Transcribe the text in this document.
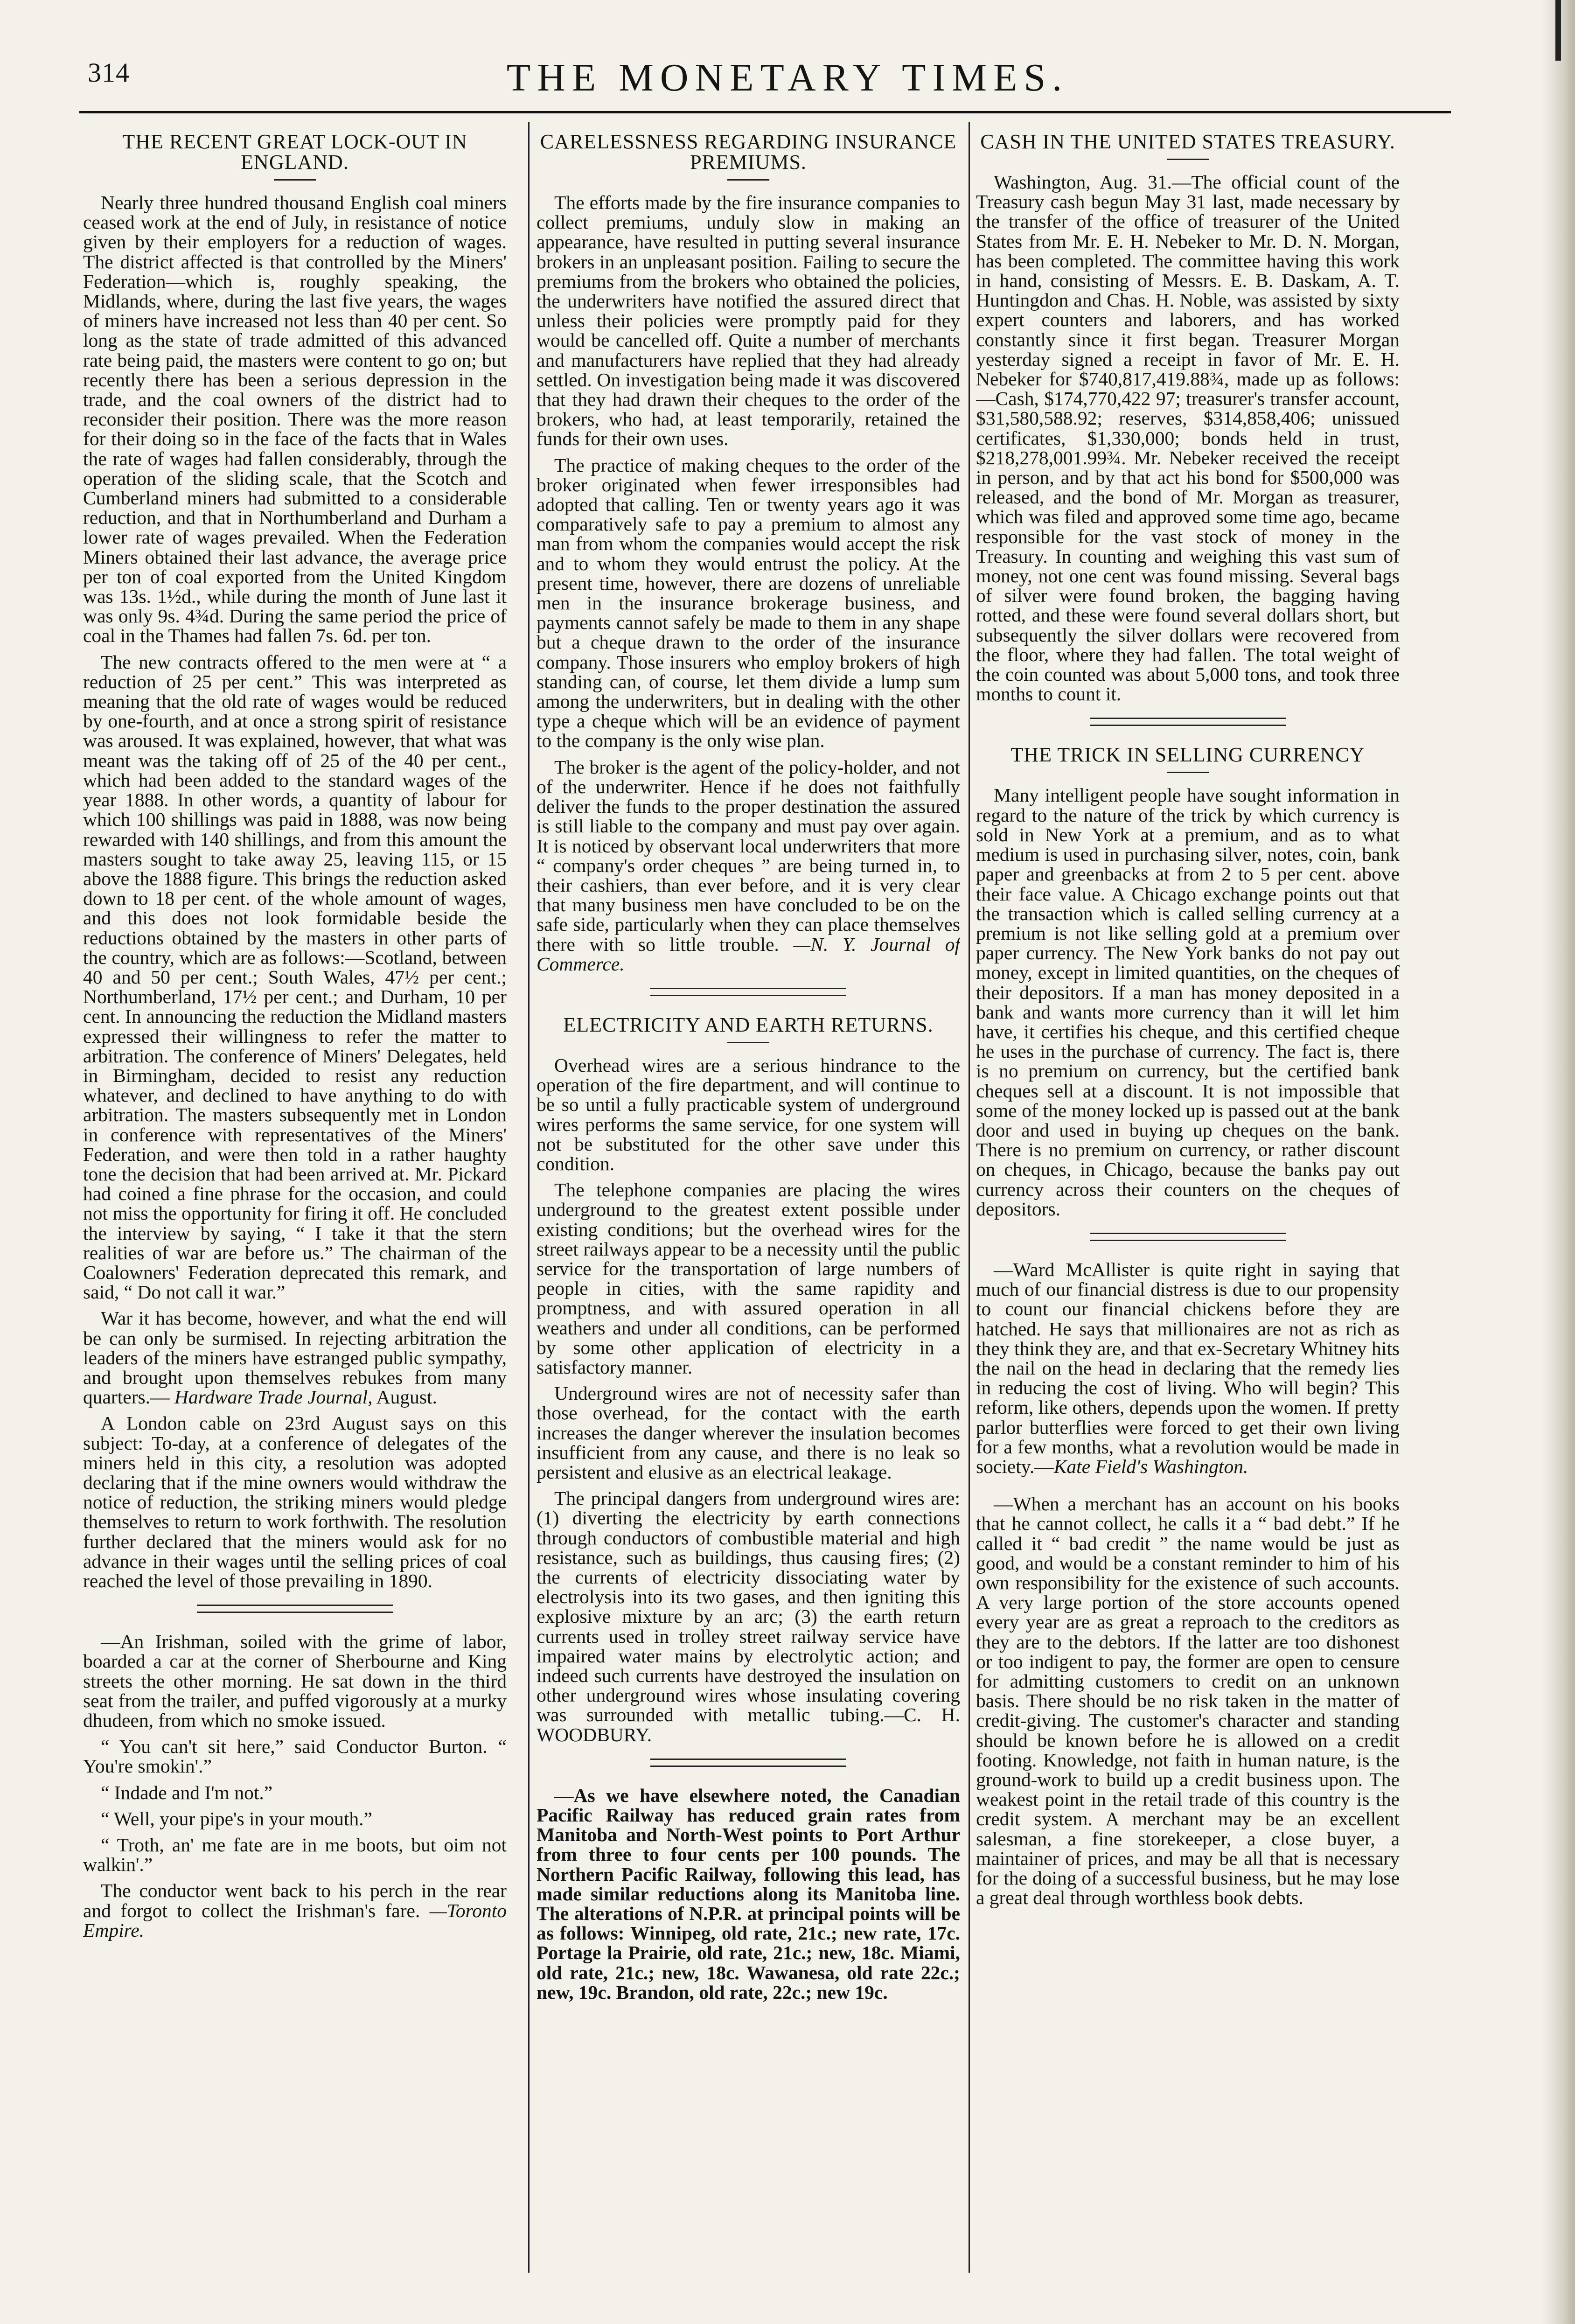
314	THE MONETARY TIMES.
THE RECENT GREAT LOCK-OUT IN ENGLAND.

Nearly three hundred thousand English coal miners ceased work at the end of July, in resistance of notice given by their employers for a reduction of wages. The district affected is that controlled by the Miners' Federation—which is, roughly speaking, the Midlands, where, during the last five years, the wages of miners have increased not less than 40 per cent. So long as the state of trade admitted of this advanced rate being paid, the masters were content to go on; but recently there has been a serious depression in the trade, and the coal owners of the district had to reconsider their position. There was the more reason for their doing so in the face of the facts that in Wales the rate of wages had fallen considerably, through the operation of the sliding scale, that the Scotch and Cumberland miners had submitted to a considerable reduction, and that in Northumberland and Durham a lower rate of wages prevailed. When the Federation Miners obtained their last advance, the average price per ton of coal exported from the United Kingdom was 13s. 1½d., while during the month of June last it was only 9s. 4¾d. During the same period the price of coal in the Thames had fallen 7s. 6d. per ton.

The new contracts offered to the men were at “ a reduction of 25 per cent.” This was interpreted as meaning that the old rate of wages would be reduced by one-fourth, and at once a strong spirit of resistance was aroused. It was explained, however, that what was meant was the taking off of 25 of the 40 per cent., which had been added to the standard wages of the year 1888. In other words, a quantity of labour for which 100 shillings was paid in 1888, was now being rewarded with 140 shillings, and from this amount the masters sought to take away 25, leaving 115, or 15 above the 1888 figure. This brings the reduction asked down to 18 per cent. of the whole amount of wages, and this does not look formidable beside the reductions obtained by the masters in other parts of the country, which are as follows:—Scotland, between 40 and 50 per cent.; South Wales, 47½ per cent.; Northumberland, 17½ per cent.; and Durham, 10 per cent. In announcing the reduction the Midland masters expressed their willingness to refer the matter to arbitration. The conference of Miners' Delegates, held in Birmingham, decided to resist any reduction whatever, and declined to have anything to do with arbitration. The masters subsequently met in London in conference with representatives of the Miners' Federation, and were then told in a rather haughty tone the decision that had been arrived at. Mr. Pickard had coined a fine phrase for the occasion, and could not miss the opportunity for firing it off. He concluded the interview by saying, “ I take it that the stern realities of war are before us.” The chairman of the Coalowners' Federation deprecated this remark, and said, “ Do not call it war.”

War it has become, however, and what the end will be can only be surmised. In rejecting arbitration the leaders of the miners have estranged public sympathy, and brought upon themselves rebukes from many quarters.— Hardware Trade Journal, August.

A London cable on 23rd August says on this subject: To-day, at a conference of delegates of the miners held in this city, a resolution was adopted declaring that if the mine owners would withdraw the notice of reduction, the striking miners would pledge themselves to return to work forthwith. The resolution further declared that the miners would ask for no advance in their wages until the selling prices of coal reached the level of those prevailing in 1890.

—An Irishman, soiled with the grime of labor, boarded a car at the corner of Sherbourne and King streets the other morning. He sat down in the third seat from the trailer, and puffed vigorously at a murky dhudeen, from which no smoke issued.

“ You can't sit here,” said Conductor Burton. “ You're smokin'.”

“ Indade and I'm not.”

“ Well, your pipe's in your mouth.”

“ Troth, an' me fate are in me boots, but oim not walkin'.”

The conductor went back to his perch in the rear and forgot to collect the Irishman's fare. —Toronto Empire.

CARELESSNESS REGARDING INSURANCE PREMIUMS.

The efforts made by the fire insurance companies to collect premiums, unduly slow in making an appearance, have resulted in putting several insurance brokers in an unpleasant position. Failing to secure the premiums from the brokers who obtained the policies, the underwriters have notified the assured direct that unless their policies were promptly paid for they would be cancelled off. Quite a number of merchants and manufacturers have replied that they had already settled. On investigation being made it was discovered that they had drawn their cheques to the order of the brokers, who had, at least temporarily, retained the funds for their own uses.

The practice of making cheques to the order of the broker originated when fewer irresponsibles had adopted that calling. Ten or twenty years ago it was comparatively safe to pay a premium to almost any man from whom the companies would accept the risk and to whom they would entrust the policy. At the present time, however, there are dozens of unreliable men in the insurance brokerage business, and payments cannot safely be made to them in any shape but a cheque drawn to the order of the insurance company. Those insurers who employ brokers of high standing can, of course, let them divide a lump sum among the underwriters, but in dealing with the other type a cheque which will be an evidence of payment to the company is the only wise plan.

The broker is the agent of the policy-holder, and not of the underwriter. Hence if he does not faithfully deliver the funds to the proper destination the assured is still liable to the company and must pay over again. It is noticed by observant local underwriters that more “ company's order cheques ” are being turned in, to their cashiers, than ever before, and it is very clear that many business men have concluded to be on the safe side, particularly when they can place themselves there with so little trouble. —N. Y. Journal of Commerce.

ELECTRICITY AND EARTH RETURNS.

Overhead wires are a serious hindrance to the operation of the fire department, and will continue to be so until a fully practicable system of underground wires performs the same service, for one system will not be substituted for the other save under this condition.

The telephone companies are placing the wires underground to the greatest extent possible under existing conditions; but the overhead wires for the street railways appear to be a necessity until the public service for the transportation of large numbers of people in cities, with the same rapidity and promptness, and with assured operation in all weathers and under all conditions, can be performed by some other application of electricity in a satisfactory manner.

Underground wires are not of necessity safer than those overhead, for the contact with the earth increases the danger wherever the insulation becomes insufficient from any cause, and there is no leak so persistent and elusive as an electrical leakage.

The principal dangers from underground wires are: (1) diverting the electricity by earth connections through conductors of combustible material and high resistance, such as buildings, thus causing fires; (2) the currents of electricity dissociating water by electrolysis into its two gases, and then igniting this explosive mixture by an arc; (3) the earth return currents used in trolley street railway service have impaired water mains by electrolytic action; and indeed such currents have destroyed the insulation on other underground wires whose insulating covering was surrounded with metallic tubing.—C. H. WOODBURY.

—As we have elsewhere noted, the Canadian Pacific Railway has reduced grain rates from Manitoba and North-West points to Port Arthur from three to four cents per 100 pounds. The Northern Pacific Railway, following this lead, has made similar reductions along its Manitoba line. The alterations of N.P.R. at principal points will be as follows: Winnipeg, old rate, 21c.; new rate, 17c. Portage la Prairie, old rate, 21c.; new, 18c. Miami, old rate, 21c.; new, 18c. Wawanesa, old rate 22c.; new, 19c. Brandon, old rate, 22c.; new 19c.

CASH IN THE UNITED STATES TREASURY.

Washington, Aug. 31.—The official count of the Treasury cash begun May 31 last, made necessary by the transfer of the office of treasurer of the United States from Mr. E. H. Nebeker to Mr. D. N. Morgan, has been completed. The committee having this work in hand, consisting of Messrs. E. B. Daskam, A. T. Huntingdon and Chas. H. Noble, was assisted by sixty expert counters and laborers, and has worked constantly since it first began. Treasurer Morgan yesterday signed a receipt in favor of Mr. E. H. Nebeker for $740,817,419.88¾, made up as follows:—Cash, $174,770,422 97; treasurer's transfer account, $31,580,588.92; reserves, $314,858,406; unissued certificates, $1,330,000; bonds held in trust, $218,278,001.99¾. Mr. Nebeker received the receipt in person, and by that act his bond for $500,000 was released, and the bond of Mr. Morgan as treasurer, which was filed and approved some time ago, became responsible for the vast stock of money in the Treasury. In counting and weighing this vast sum of money, not one cent was found missing. Several bags of silver were found broken, the bagging having rotted, and these were found several dollars short, but subsequently the silver dollars were recovered from the floor, where they had fallen. The total weight of the coin counted was about 5,000 tons, and took three months to count it.

THE TRICK IN SELLING CURRENCY

Many intelligent people have sought information in regard to the nature of the trick by which currency is sold in New York at a premium, and as to what medium is used in purchasing silver, notes, coin, bank paper and greenbacks at from 2 to 5 per cent. above their face value. A Chicago exchange points out that the transaction which is called selling currency at a premium is not like selling gold at a premium over paper currency. The New York banks do not pay out money, except in limited quantities, on the cheques of their depositors. If a man has money deposited in a bank and wants more currency than it will let him have, it certifies his cheque, and this certified cheque he uses in the purchase of currency. The fact is, there is no premium on currency, but the certified bank cheques sell at a discount. It is not impossible that some of the money locked up is passed out at the bank door and used in buying up cheques on the bank. There is no premium on currency, or rather discount on cheques, in Chicago, because the banks pay out currency across their counters on the cheques of depositors.

—Ward McAllister is quite right in saying that much of our financial distress is due to our propensity to count our financial chickens before they are hatched. He says that millionaires are not as rich as they think they are, and that ex-Secretary Whitney hits the nail on the head in declaring that the remedy lies in reducing the cost of living. Who will begin? This reform, like others, depends upon the women. If pretty parlor butterflies were forced to get their own living for a few months, what a revolution would be made in society.—Kate Field's Washington.

—When a merchant has an account on his books that he cannot collect, he calls it a “ bad debt.” If he called it “ bad credit ” the name would be just as good, and would be a constant reminder to him of his own responsibility for the existence of such accounts. A very large portion of the store accounts opened every year are as great a reproach to the creditors as they are to the debtors. If the latter are too dishonest or too indigent to pay, the former are open to censure for admitting customers to credit on an unknown basis. There should be no risk taken in the matter of credit-giving. The customer's character and standing should be known before he is allowed on a credit footing. Knowledge, not faith in human nature, is the ground-work to build up a credit business upon. The weakest point in the retail trade of this country is the credit system. A merchant may be an excellent salesman, a fine storekeeper, a close buyer, a maintainer of prices, and may be all that is necessary for the doing of a successful business, but he may lose a great deal through worthless book debts.
